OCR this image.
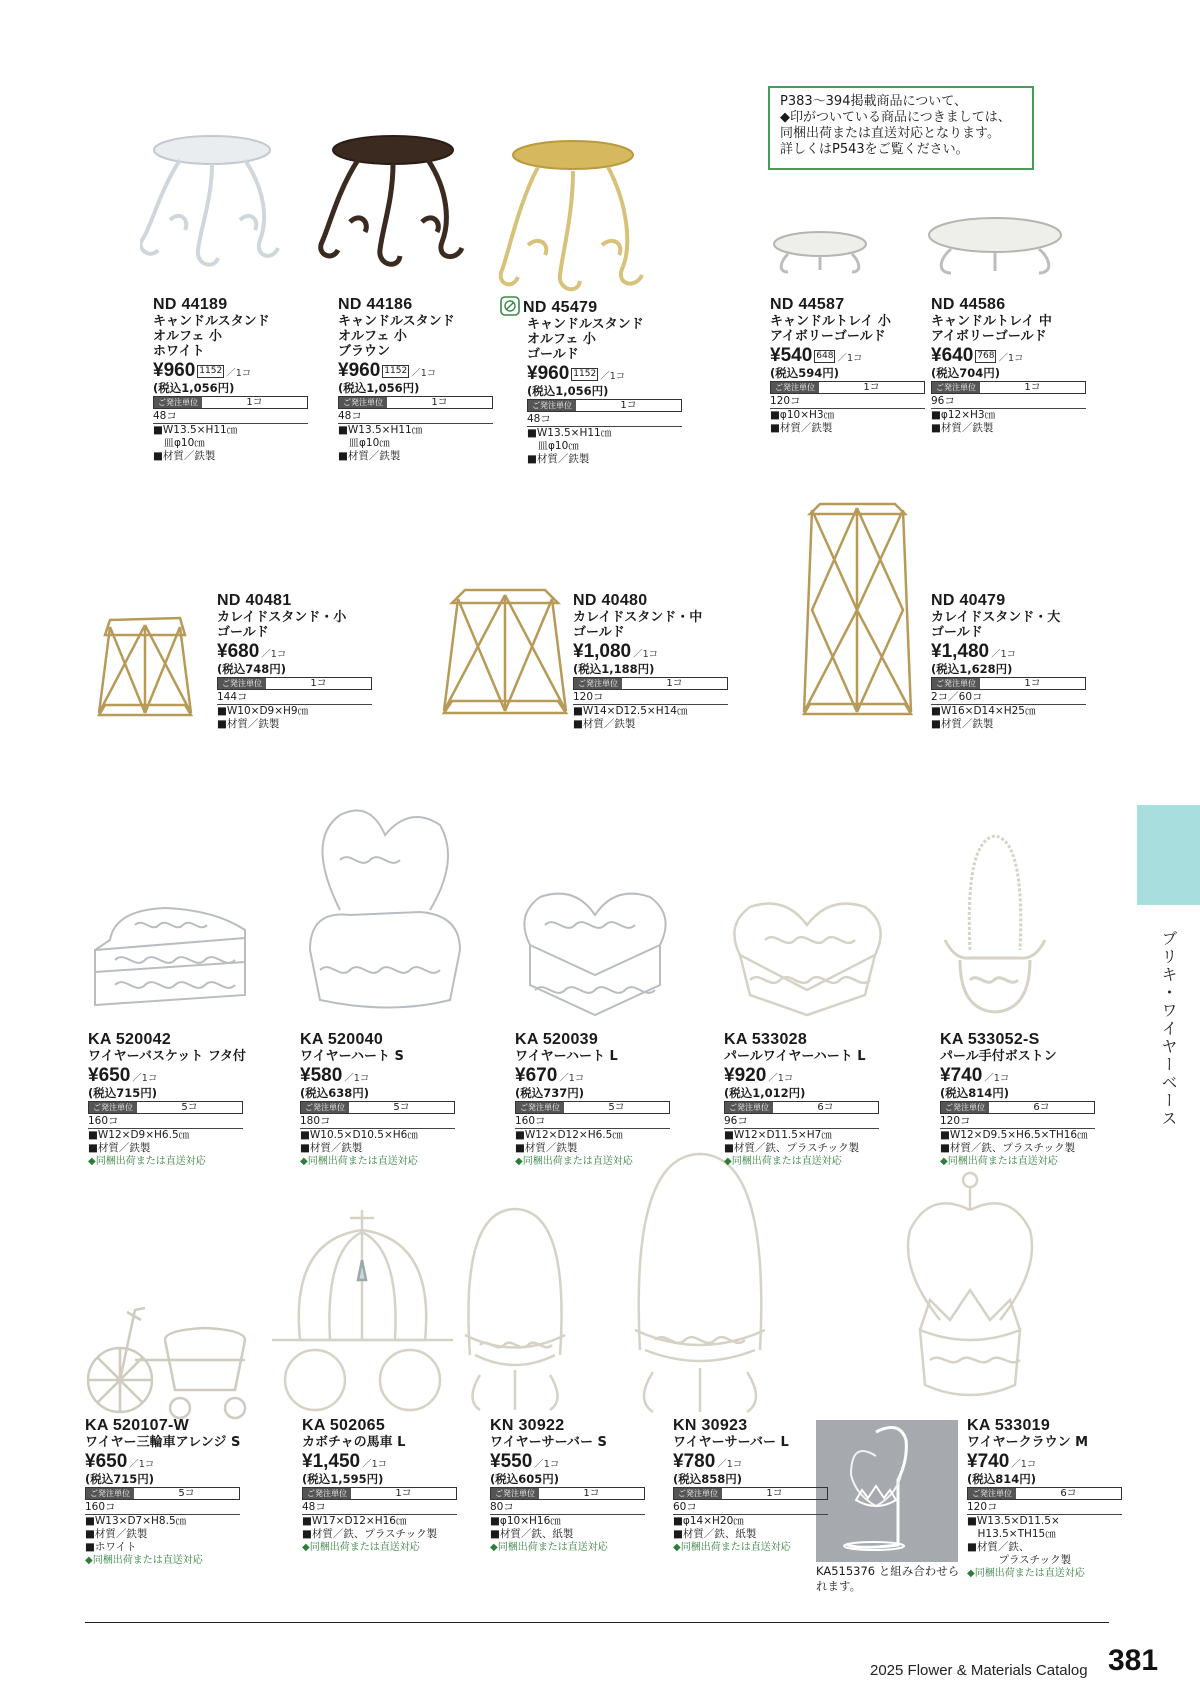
P383～394掲載商品について、
◆印がついている商品につきましては、
同梱出荷または直送対応となります。
詳しくはP543をご覧ください。
ブリキ・ワイヤーベース
ND 44189
キャンドルスタンド
オルフェ 小
ホワイト
¥960 1152 ／1コ
(税込1,056円)
ご発注単位	1コ
48コ
■W13.5×H11㎝
　皿φ10㎝
■材質／鉄製
ND 44186
キャンドルスタンド
オルフェ 小
ブラウン
¥960 1152 ／1コ
(税込1,056円)
ご発注単位	1コ
48コ
■W13.5×H11㎝
　皿φ10㎝
■材質／鉄製
ND 45479
キャンドルスタンド
オルフェ 小
ゴールド
¥960 1152 ／1コ
(税込1,056円)
ご発注単位	1コ
48コ
■W13.5×H11㎝
　皿φ10㎝
■材質／鉄製
ND 44587
キャンドルトレイ 小
アイボリーゴールド
¥540 648 ／1コ
(税込594円)
ご発注単位	1コ
120コ
■φ10×H3㎝
■材質／鉄製
ND 44586
キャンドルトレイ 中
アイボリーゴールド
¥640 768 ／1コ
(税込704円)
ご発注単位	1コ
96コ
■φ12×H3㎝
■材質／鉄製
ND 40481
カレイドスタンド・小
ゴールド
¥680 ／1コ
(税込748円)
ご発注単位	1コ
144コ
■W10×D9×H9㎝
■材質／鉄製
ND 40480
カレイドスタンド・中
ゴールド
¥1,080 ／1コ
(税込1,188円)
ご発注単位	1コ
120コ
■W14×D12.5×H14㎝
■材質／鉄製
ND 40479
カレイドスタンド・大
ゴールド
¥1,480 ／1コ
(税込1,628円)
ご発注単位	1コ
2コ／60コ
■W16×D14×H25㎝
■材質／鉄製
KA 520042
ワイヤーバスケット フタ付
¥650 ／1コ
(税込715円)
ご発注単位	5コ
160コ
■W12×D9×H6.5㎝
■材質／鉄製
◆同梱出荷または直送対応
KA 520040
ワイヤーハート S
¥580 ／1コ
(税込638円)
ご発注単位	5コ
180コ
■W10.5×D10.5×H6㎝
■材質／鉄製
◆同梱出荷または直送対応
KA 520039
ワイヤーハート L
¥670 ／1コ
(税込737円)
ご発注単位	5コ
160コ
■W12×D12×H6.5㎝
■材質／鉄製
◆同梱出荷または直送対応
KA 533028
パールワイヤーハート L
¥920 ／1コ
(税込1,012円)
ご発注単位	6コ
96コ
■W12×D11.5×H7㎝
■材質／鉄、プラスチック製
◆同梱出荷または直送対応
KA 533052-S
パール手付ボストン
¥740 ／1コ
(税込814円)
ご発注単位	6コ
120コ
■W12×D9.5×H6.5×TH16㎝
■材質／鉄、プラスチック製
◆同梱出荷または直送対応
KA 520107-W
ワイヤー三輪車アレンジ S
¥650 ／1コ
(税込715円)
ご発注単位	5コ
160コ
■W13×D7×H8.5㎝
■材質／鉄製
■ホワイト
◆同梱出荷または直送対応
KA 502065
カボチャの馬車 L
¥1,450 ／1コ
(税込1,595円)
ご発注単位	1コ
48コ
■W17×D12×H16㎝
■材質／鉄、プラスチック製
◆同梱出荷または直送対応
KN 30922
ワイヤーサーバー S
¥550 ／1コ
(税込605円)
ご発注単位	1コ
80コ
■φ10×H16㎝
■材質／鉄、紙製
◆同梱出荷または直送対応
KN 30923
ワイヤーサーバー L
¥780 ／1コ
(税込858円)
ご発注単位	1コ
60コ
■φ14×H20㎝
■材質／鉄、紙製
◆同梱出荷または直送対応
KA 533019
ワイヤークラウン M
¥740 ／1コ
(税込814円)
ご発注単位	6コ
120コ
■W13.5×D11.5×
　H13.5×TH15㎝
■材質／鉄、
　　　プラスチック製
◆同梱出荷または直送対応
KA515376 と組み合わせられます。
2025 Flower & Materials Catalog 381
